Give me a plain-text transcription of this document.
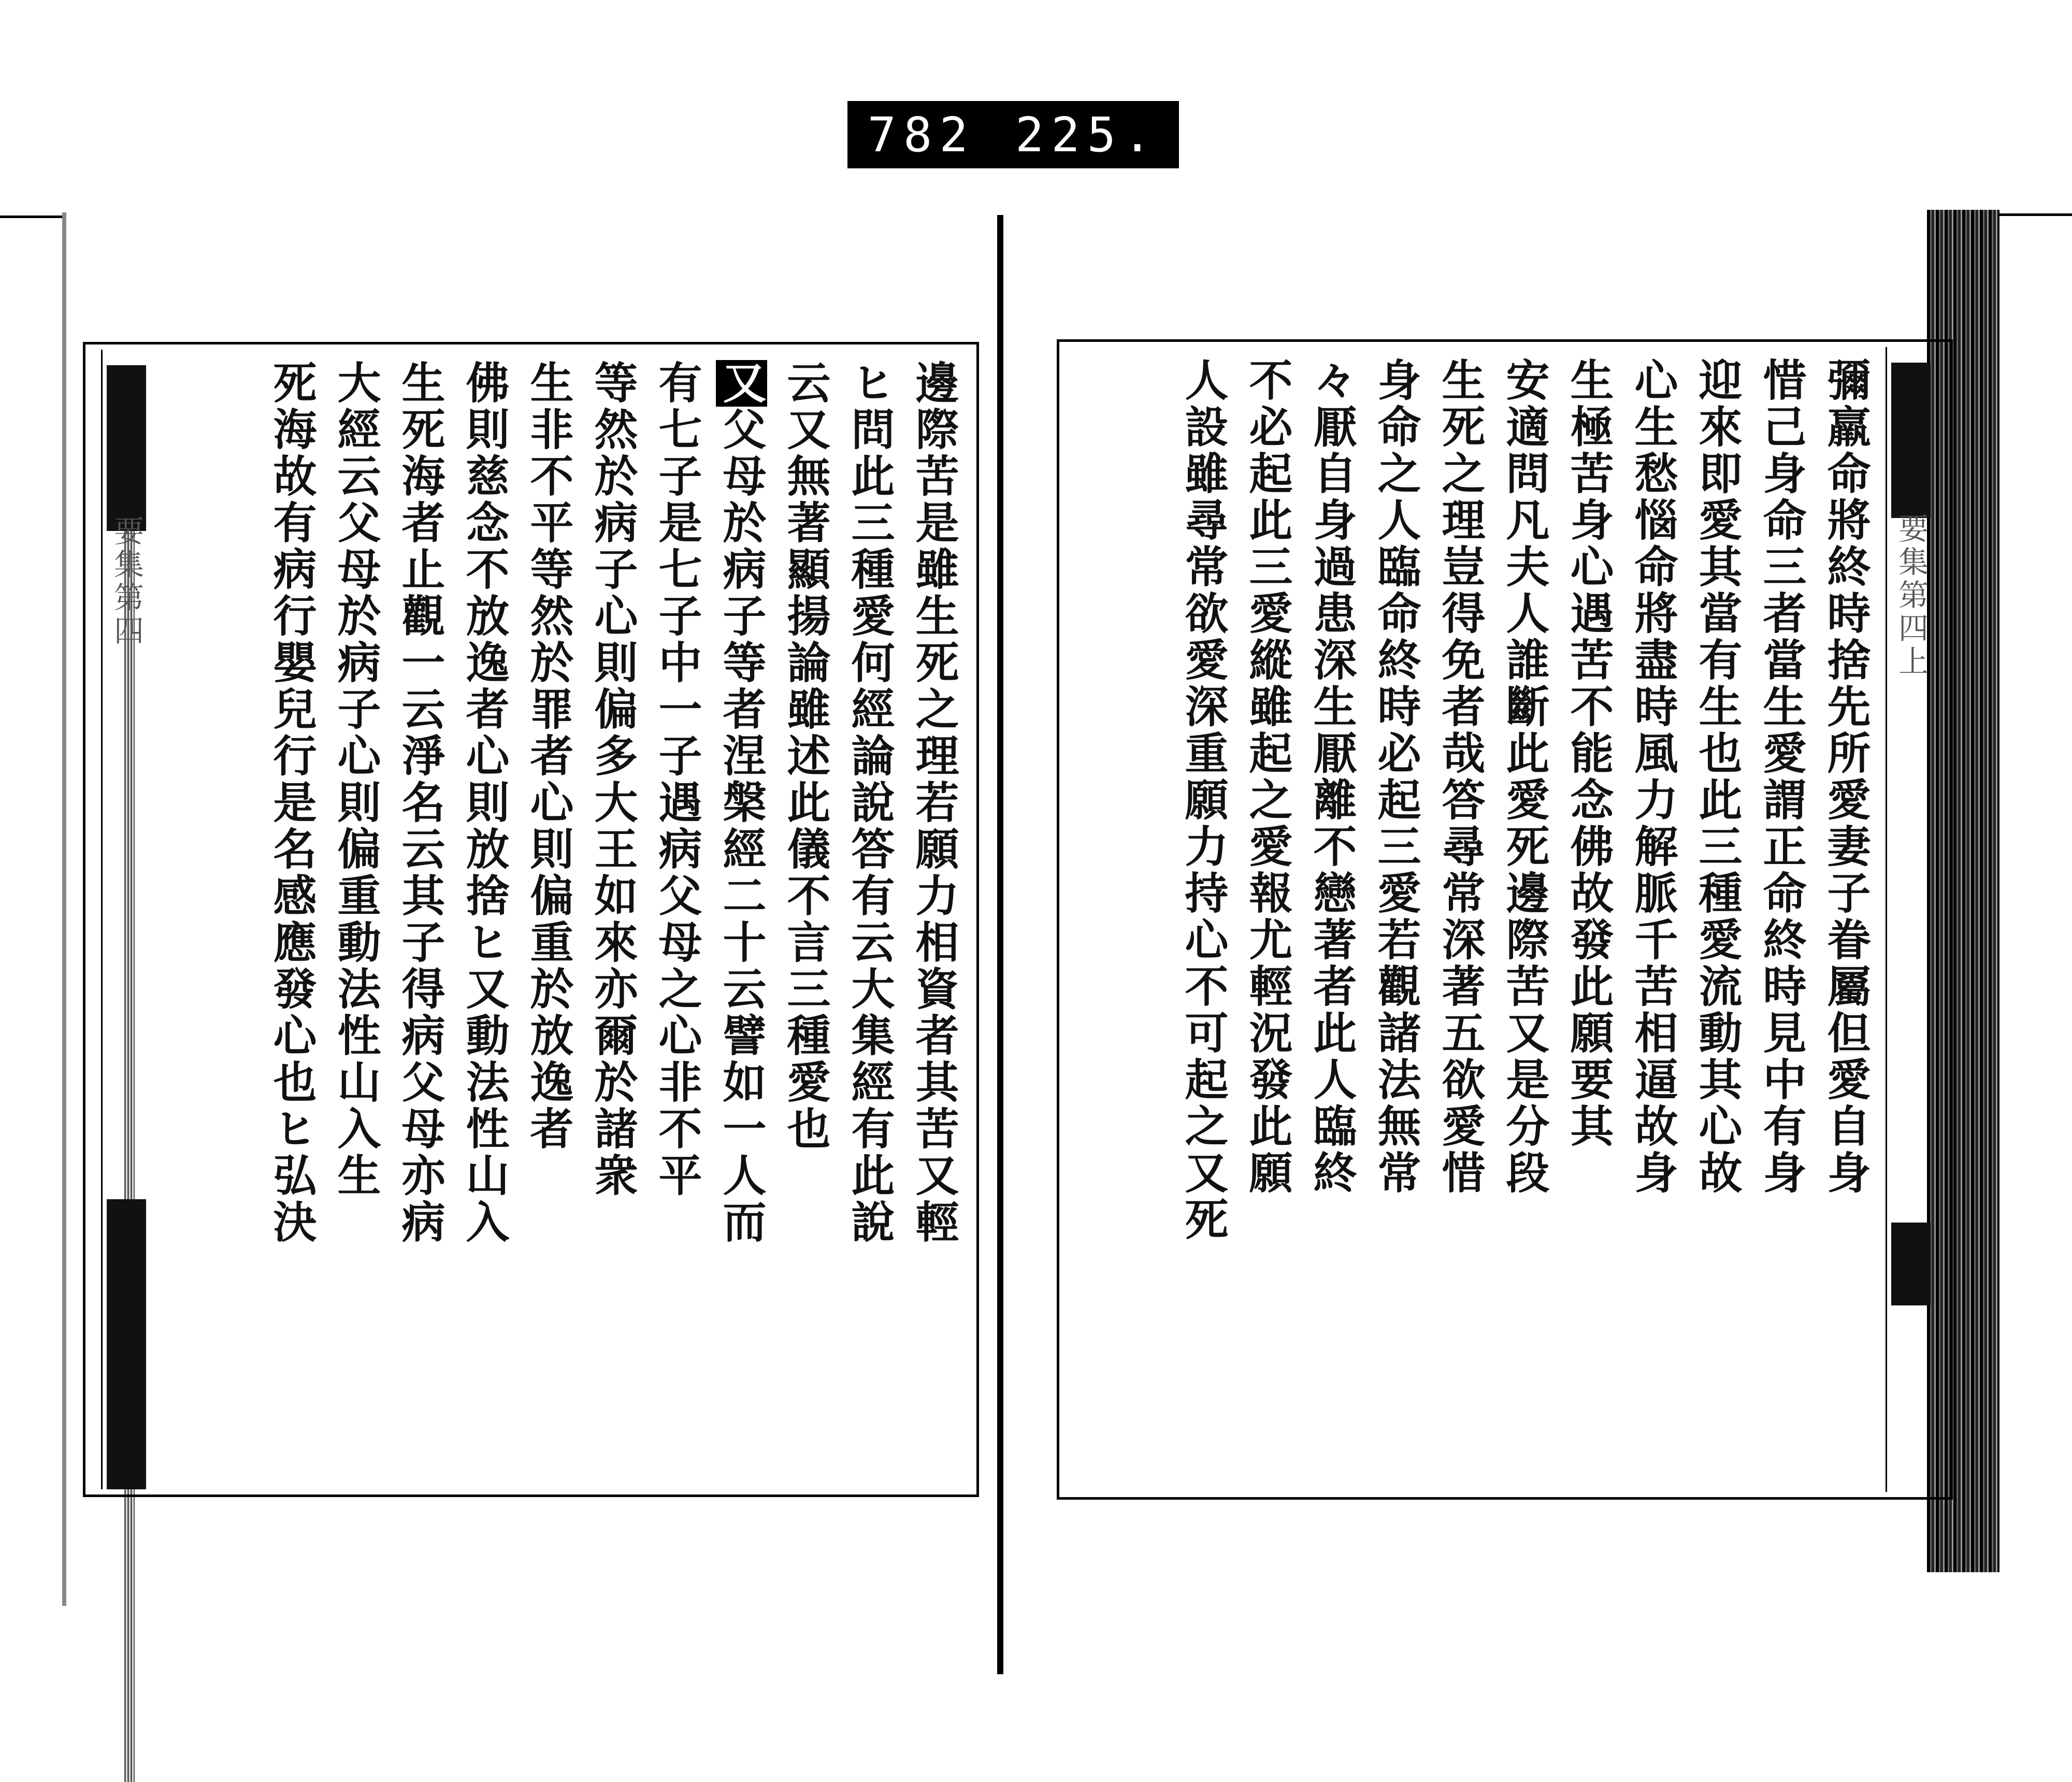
782 225.
要集第四	邊際苦是雖生死之理若願力相資者其苦又輕
ヒ問此三種愛何經論說答有云大集經有此說
云又無著顯揚論雖述此儀不言三種愛也
又父母於病子等者涅槃經二十云譬如一人而
有七子是七子中一子遇病父母之心非不平
等然於病子心則偏多大王如來亦爾於諸衆
生非不平等然於罪者心則偏重於放逸者
佛則慈念不放逸者心則放捨ヒ又動法性山入
生死海者止觀一云淨名云其子得病父母亦病
大經云父母於病子心則偏重動法性山入生
死海故有病行嬰兒行是名感應發心也ヒ弘決	要集第四上
彌羸命將終時捨先所愛妻子眷屬但愛自身
惜己身命三者當生愛謂正命終時見中有身
迎來即愛其當有生也此三種愛流動其心故
心生愁惱命將盡時風力解脈千苦相逼故身
生極苦身心遇苦不能念佛故發此願要其
安適問凡夫人誰斷此愛死邊際苦又是分段
生死之理豈得免者哉答尋常深著五欲愛惜
身命之人臨命終時必起三愛若觀諸法無常
々厭自身過患深生厭離不戀著者此人臨終
不必起此三愛縱雖起之愛報尤輕況發此願
人設雖尋常欲愛深重願力持心不可起之又死
